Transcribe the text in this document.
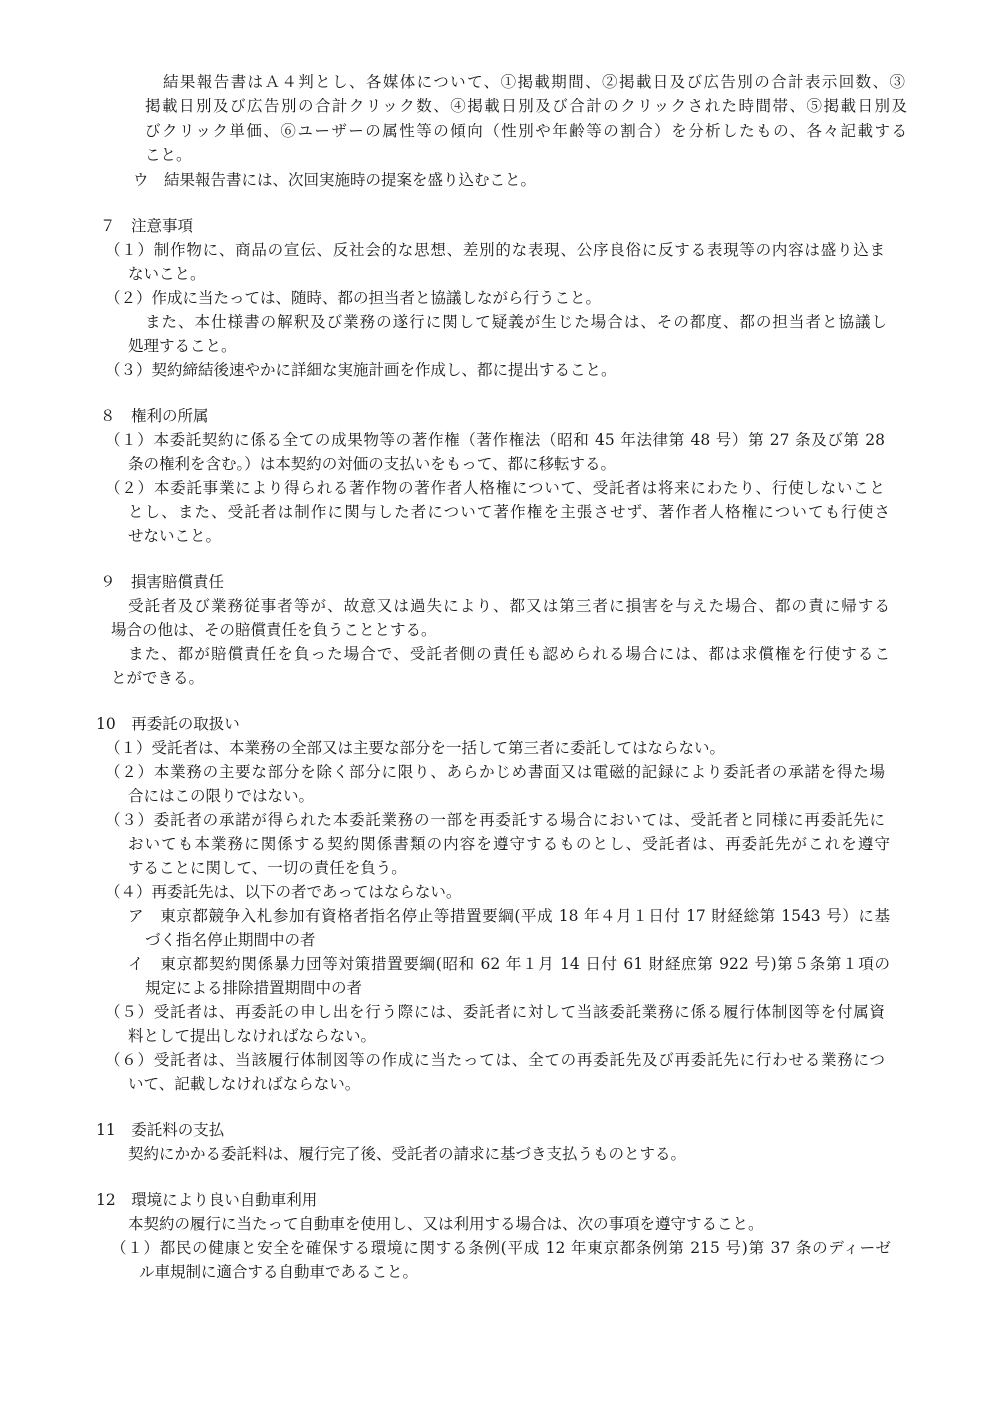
結果報告書はＡ４判とし、各媒体について、①掲載期間、②掲載日及び広告別の合計表示回数、③
掲載日別及び広告別の合計クリック数、④掲載日別及び合計のクリックされた時間帯、⑤掲載日別及
びクリック単価、⑥ユーザーの属性等の傾向（性別や年齢等の割合）を分析したもの、各々記載する
こと。
ウ　結果報告書には、次回実施時の提案を盛り込むこと。
７　注意事項
（１）制作物に、商品の宣伝、反社会的な思想、差別的な表現、公序良俗に反する表現等の内容は盛り込ま
ないこと。
（２）作成に当たっては、随時、都の担当者と協議しながら行うこと。
また、本仕様書の解釈及び業務の遂行に関して疑義が生じた場合は、その都度、都の担当者と協議し
処理すること。
（３）契約締結後速やかに詳細な実施計画を作成し、都に提出すること。
８　権利の所属
（１）本委託契約に係る全ての成果物等の著作権（著作権法（昭和 45 年法律第 48 号）第 27 条及び第 28
条の権利を含む。）は本契約の対価の支払いをもって、都に移転する。
（２）本委託事業により得られる著作物の著作者人格権について、受託者は将来にわたり、行使しないこと
とし、また、受託者は制作に関与した者について著作権を主張させず、著作者人格権についても行使さ
せないこと。
９　損害賠償責任
受託者及び業務従事者等が、故意又は過失により、都又は第三者に損害を与えた場合、都の責に帰する
場合の他は、その賠償責任を負うこととする。
また、都が賠償責任を負った場合で、受託者側の責任も認められる場合には、都は求償権を行使するこ
とができる。
10　再委託の取扱い
（１）受託者は、本業務の全部又は主要な部分を一括して第三者に委託してはならない。
（２）本業務の主要な部分を除く部分に限り、あらかじめ書面又は電磁的記録により委託者の承諾を得た場
合にはこの限りではない。
（３）委託者の承諾が得られた本委託業務の一部を再委託する場合においては、受託者と同様に再委託先に
おいても本業務に関係する契約関係書類の内容を遵守するものとし、受託者は、再委託先がこれを遵守
することに関して、一切の責任を負う。
（４）再委託先は、以下の者であってはならない。
ア　東京都競争入札参加有資格者指名停止等措置要綱(平成 18 年４月１日付 17 財経総第 1543 号）に基
づく指名停止期間中の者
イ　東京都契約関係暴力団等対策措置要綱(昭和 62 年１月 14 日付 61 財経庶第 922 号)第５条第１項の
規定による排除措置期間中の者
（５）受託者は、再委託の申し出を行う際には、委託者に対して当該委託業務に係る履行体制図等を付属資
料として提出しなければならない。
（６）受託者は、当該履行体制図等の作成に当たっては、全ての再委託先及び再委託先に行わせる業務につ
いて、記載しなければならない。
11　委託料の支払
契約にかかる委託料は、履行完了後、受託者の請求に基づき支払うものとする。
12　環境により良い自動車利用
本契約の履行に当たって自動車を使用し、又は利用する場合は、次の事項を遵守すること。
（１）都民の健康と安全を確保する環境に関する条例(平成 12 年東京都条例第 215 号)第 37 条のディーゼ
ル車規制に適合する自動車であること。
